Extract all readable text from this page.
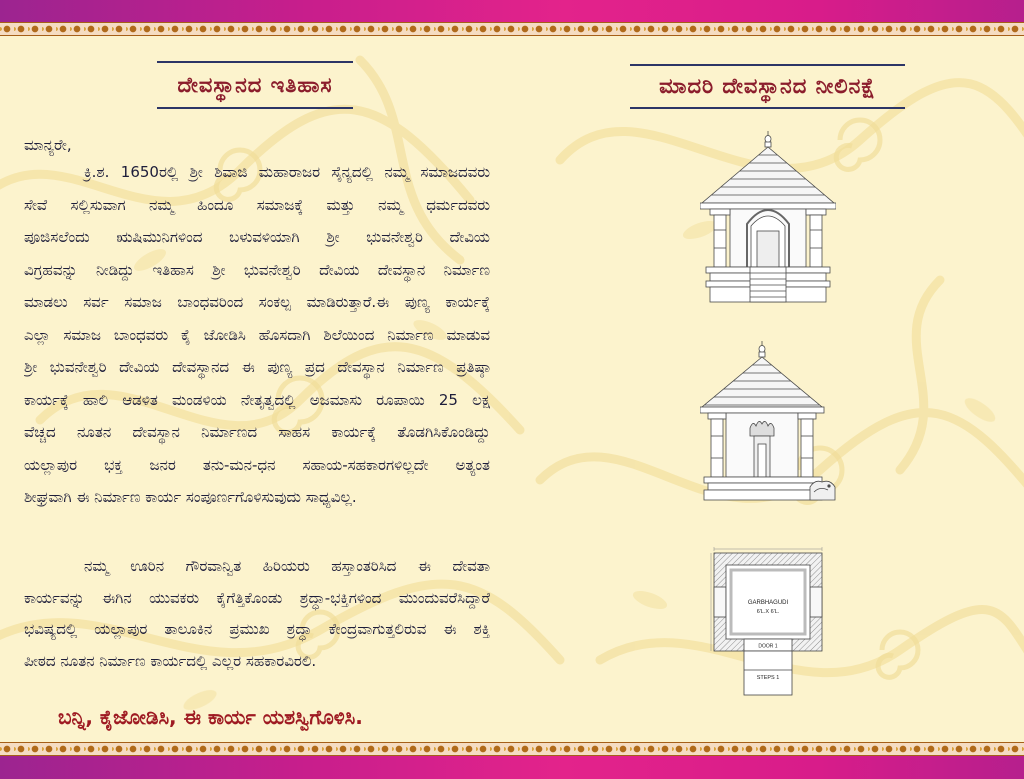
ದೇವಸ್ಥಾನದ ಇತಿಹಾಸ
ಮಾನ್ಯರೇ,
ಕ್ರಿ.ಶ. 1650ರಲ್ಲಿ ಶ್ರೀ ಶಿವಾಜಿ ಮಹಾರಾಜರ ಸೈನ್ಯದಲ್ಲಿ ನಮ್ಮ ಸಮಾಜದವರು
ಸೇವೆ ಸಲ್ಲಿಸುವಾಗ ನಮ್ಮ ಹಿಂದೂ ಸಮಾಜಕ್ಕೆ ಮತ್ತು ನಮ್ಮ ಧರ್ಮದವರು
ಪೂಜಿಸಲೆಂದು ಋಷಿಮುನಿಗಳಿಂದ ಬಳುವಳಿಯಾಗಿ ಶ್ರೀ ಭುವನೇಶ್ವರಿ ದೇವಿಯ
ವಿಗ್ರಹವನ್ನು ನೀಡಿದ್ದು ಇತಿಹಾಸ ಶ್ರೀ ಭುವನೇಶ್ವರಿ ದೇವಿಯ ದೇವಸ್ಥಾನ ನಿರ್ಮಾಣ
ಮಾಡಲು ಸರ್ವ ಸಮಾಜ ಬಾಂಧವರಿಂದ ಸಂಕಲ್ಪ ಮಾಡಿರುತ್ತಾರೆ.ಈ ಪುಣ್ಯ ಕಾರ್ಯಕ್ಕೆ
ಎಲ್ಲಾ ಸಮಾಜ ಬಾಂಧವರು ಕೈ ಜೋಡಿಸಿ ಹೊಸದಾಗಿ ಶಿಲೆಯಿಂದ ನಿರ್ಮಾಣ ಮಾಡುವ
ಶ್ರೀ ಭುವನೇಶ್ವರಿ ದೇವಿಯ ದೇವಸ್ಥಾನದ ಈ ಪುಣ್ಯ ಪ್ರದ ದೇವಸ್ಥಾನ ನಿರ್ಮಾಣ ಪ್ರತಿಷ್ಠಾ
ಕಾರ್ಯಕ್ಕೆ ಹಾಲಿ ಆಡಳಿತ ಮಂಡಳಿಯ ನೇತೃತ್ವದಲ್ಲಿ ಅಜಮಾಸು ರೂಪಾಯಿ 25 ಲಕ್ಷ
ವೆಚ್ಚದ ನೂತನ ದೇವಸ್ಥಾನ ನಿರ್ಮಾಣದ ಸಾಹಸ ಕಾರ್ಯಕ್ಕೆ ತೊಡಗಿಸಿಕೊಂಡಿದ್ದು
ಯಲ್ಲಾಪುರ ಭಕ್ತ ಜನರ ತನು-ಮನ-ಧನ ಸಹಾಯ-ಸಹಕಾರಗಳಿಲ್ಲದೇ ಅತ್ಯಂತ
ಶೀಘ್ರವಾಗಿ ಈ ನಿರ್ಮಾಣ ಕಾರ್ಯ ಸಂಪೂರ್ಣಗೊಳಿಸುವುದು ಸಾಧ್ಯವಿಲ್ಲ.
ನಮ್ಮ ಊರಿನ ಗೌರವಾನ್ವಿತ ಹಿರಿಯರು ಹಸ್ತಾಂತರಿಸಿದ ಈ ದೇವತಾ
ಕಾರ್ಯವನ್ನು ಈಗಿನ ಯುವಕರು ಕೈಗೆತ್ತಿಕೊಂಡು ಶ್ರದ್ಧಾ-ಭಕ್ತಿಗಳಿಂದ ಮುಂದುವರೆಸಿದ್ದಾರೆ
ಭವಿಷ್ಯದಲ್ಲಿ ಯಲ್ಲಾಪುರ ತಾಲೂಕಿನ ಪ್ರಮುಖ ಶ್ರದ್ಧಾ ಕೇಂದ್ರವಾಗುತ್ತಲಿರುವ ಈ ಶಕ್ತಿ
ಪೀಠದ ನೂತನ ನಿರ್ಮಾಣ ಕಾರ್ಯದಲ್ಲಿ ಎಲ್ಲರ ಸಹಕಾರವಿರಲಿ.
ಬನ್ನಿ, ಕೈಜೋಡಿಸಿ, ಈ ಕಾರ್ಯ ಯಶಸ್ವಿಗೊಳಿಸಿ.
ಮಾದರಿ ದೇವಸ್ಥಾನದ ನೀಲಿನಕ್ಷೆ
GARBHAGUDI
6'L.X 6'L.
DOOR 1
STEPS 1
